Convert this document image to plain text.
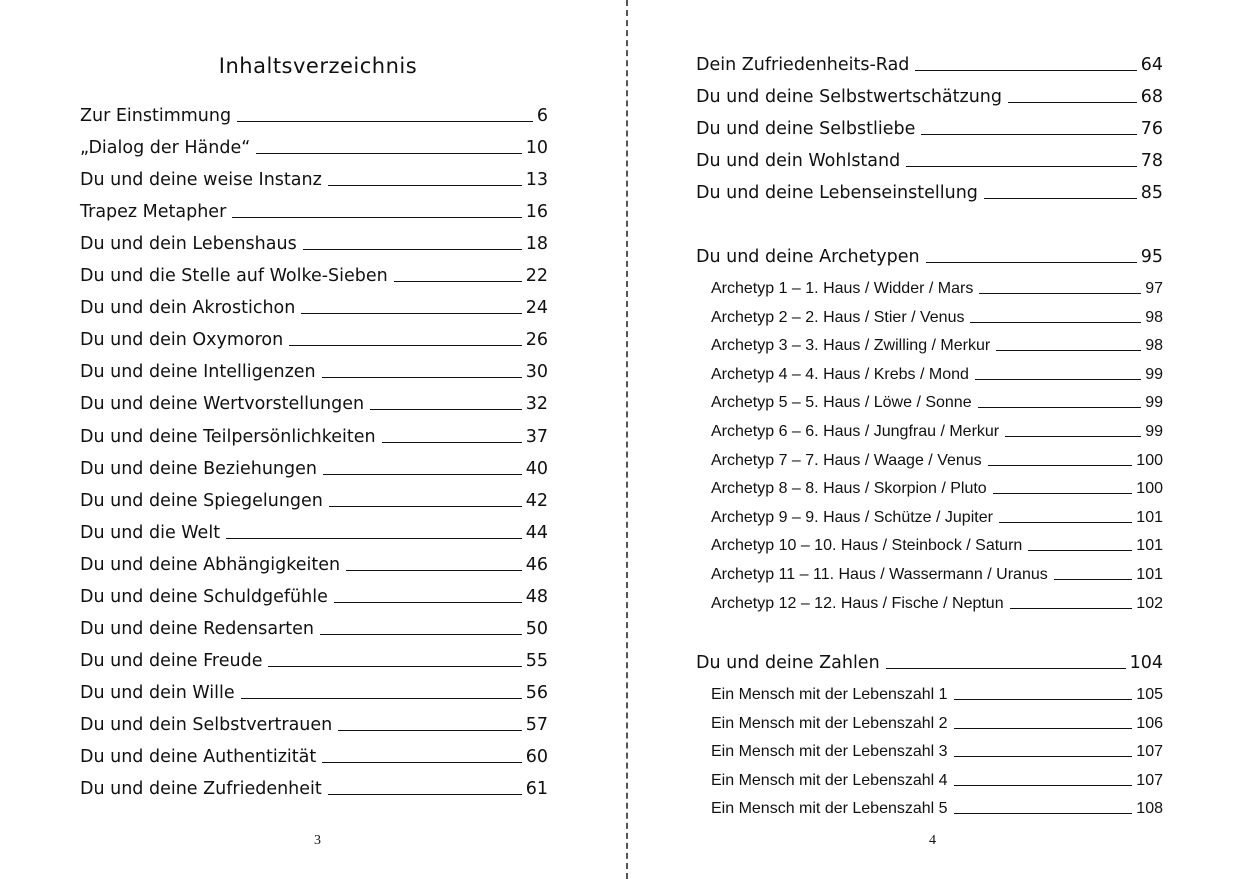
Inhaltsverzeichnis
Zur Einstimmung	6
„Dialog der Hände“	10
Du und deine weise Instanz	13
Trapez Metapher	16
Du und dein Lebenshaus	18
Du und die Stelle auf Wolke-Sieben	22
Du und dein Akrostichon	24
Du und dein Oxymoron	26
Du und deine Intelligenzen	30
Du und deine Wertvorstellungen	32
Du und deine Teilpersönlichkeiten	37
Du und deine Beziehungen	40
Du und deine Spiegelungen	42
Du und die Welt	44
Du und deine Abhängigkeiten	46
Du und deine Schuldgefühle	48
Du und deine Redensarten	50
Du und deine Freude	55
Du und dein Wille	56
Du und dein Selbstvertrauen	57
Du und deine Authentizität	60
Du und deine Zufriedenheit	61
3
Dein Zufriedenheits-Rad	64
Du und deine Selbstwertschätzung	68
Du und deine Selbstliebe	76
Du und dein Wohlstand	78
Du und deine Lebenseinstellung	85
Du und deine Archetypen	95
Archetyp 1 – 1. Haus / Widder / Mars	97
Archetyp 2 – 2. Haus / Stier / Venus	98
Archetyp 3 – 3. Haus / Zwilling / Merkur	98
Archetyp 4 – 4. Haus / Krebs / Mond	99
Archetyp 5 – 5. Haus / Löwe / Sonne	99
Archetyp 6 – 6. Haus / Jungfrau / Merkur	99
Archetyp 7 – 7. Haus / Waage / Venus	100
Archetyp 8 – 8. Haus / Skorpion / Pluto	100
Archetyp 9 – 9. Haus / Schütze / Jupiter	101
Archetyp 10 – 10. Haus / Steinbock / Saturn	101
Archetyp 11 – 11. Haus / Wassermann / Uranus	101
Archetyp 12 – 12. Haus / Fische / Neptun	102
Du und deine Zahlen	104
Ein Mensch mit der Lebenszahl 1	105
Ein Mensch mit der Lebenszahl 2	106
Ein Mensch mit der Lebenszahl 3	107
Ein Mensch mit der Lebenszahl 4	107
Ein Mensch mit der Lebenszahl 5	108
4
